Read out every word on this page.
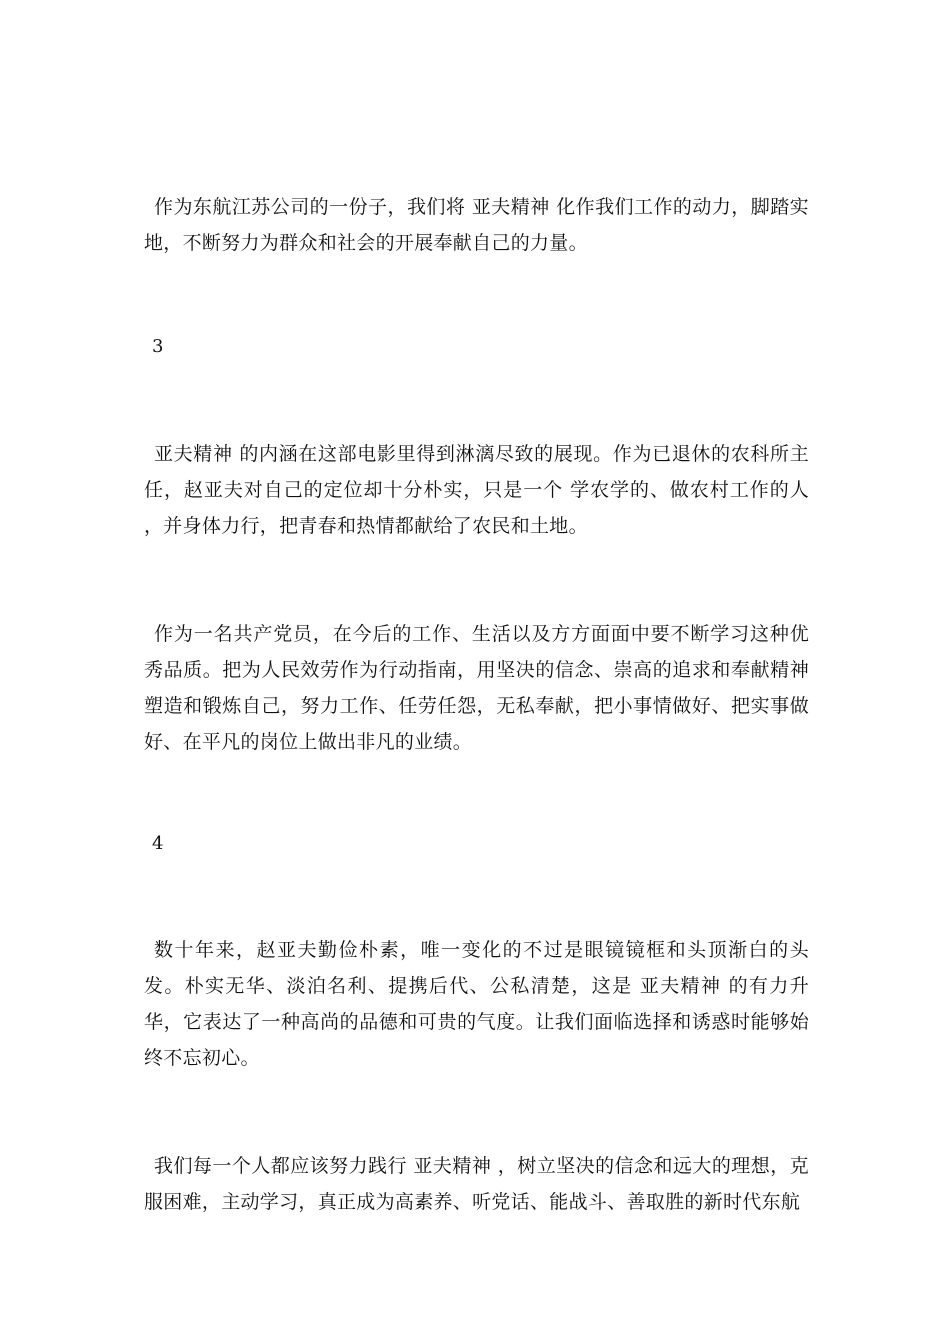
作为东航江苏公司的一份子，我们将 亚夫精神 化作我们工作的动力，脚踏实地，不断努力为群众和社会的开展奉献自己的力量。

3

亚夫精神 的内涵在这部电影里得到淋漓尽致的展现。作为已退休的农科所主任，赵亚夫对自己的定位却十分朴实，只是一个 学农学的、做农村工作的人 ，并身体力行，把青春和热情都献给了农民和土地。

作为一名共产党员，在今后的工作、生活以及方方面面中要不断学习这种优秀品质。把为人民效劳作为行动指南，用坚决的信念、崇高的追求和奉献精神塑造和锻炼自己，努力工作、任劳任怨，无私奉献，把小事情做好、把实事做好、在平凡的岗位上做出非凡的业绩。

4

数十年来，赵亚夫勤俭朴素，唯一变化的不过是眼镜镜框和头顶渐白的头发。朴实无华、淡泊名利、提携后代、公私清楚，这是 亚夫精神 的有力升华，它表达了一种高尚的品德和可贵的气度。让我们面临选择和诱惑时能够始终不忘初心。

我们每一个人都应该努力践行 亚夫精神 ，树立坚决的信念和远大的理想，克服困难，主动学习，真正成为高素养、听党话、能战斗、善取胜的新时代东航
